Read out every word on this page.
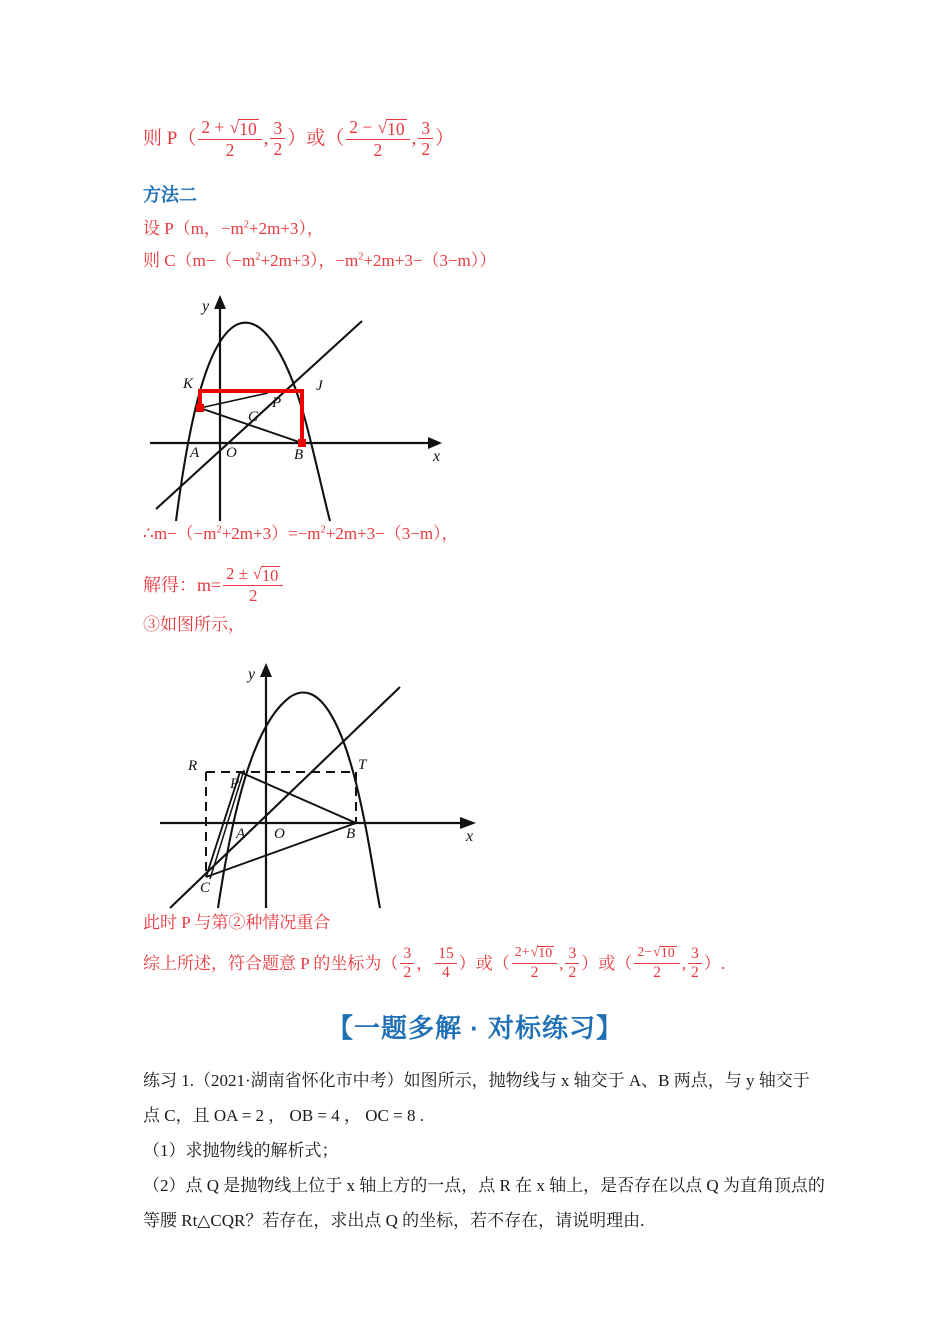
则 $P( \frac{2 + √ 10}{2}$ , $\frac{3}{2}$ ）或（ $\frac{2 - √ 10}{2}$ , $\frac{3}{2}$ ）
方法二
设 P（m，$-m^2+2m+3$），
则 $C(m-(-m^2+2m+3)$，$-m^2+2m+3-(3-m)$）
y
x
K	J
P
C
A O	B
$\therefore m-(-m^2+2m+3)=-m^2+2m+3-(3-m)$，
解得：$m= \frac{2 \pm √ 10}{2}$
③如图所示，
y
x
R	T
P
A O	B
C
此时 P 与第②种情况重合
综上所述，符合题意 P 的坐标为（ $\frac{3}{2}$ ， $\frac{15}{4}$ ）或（ $\frac{2+ √ 10}{2}$ , $\frac{3}{2}$ ）或（ $\frac{2- √ 10}{2}$ , $\frac{3}{2}$ ）.
【一题多解 · 对标练习】
练习 1.（2021·湖南省怀化市中考）如图所示，抛物线与 x 轴交于 A、B 两点，与 y 轴交于
点 C，且 OA = 2 ， OB = 4 ， OC = 8 .
（1）求抛物线的解析式；
（2）点 Q 是抛物线上位于 x 轴上方的一点，点 R 在 x 轴上，是否存在以点 Q 为直角顶点的
等腰 Rt△CQR？若存在，求出点 Q 的坐标，若不存在，请说明理由.
